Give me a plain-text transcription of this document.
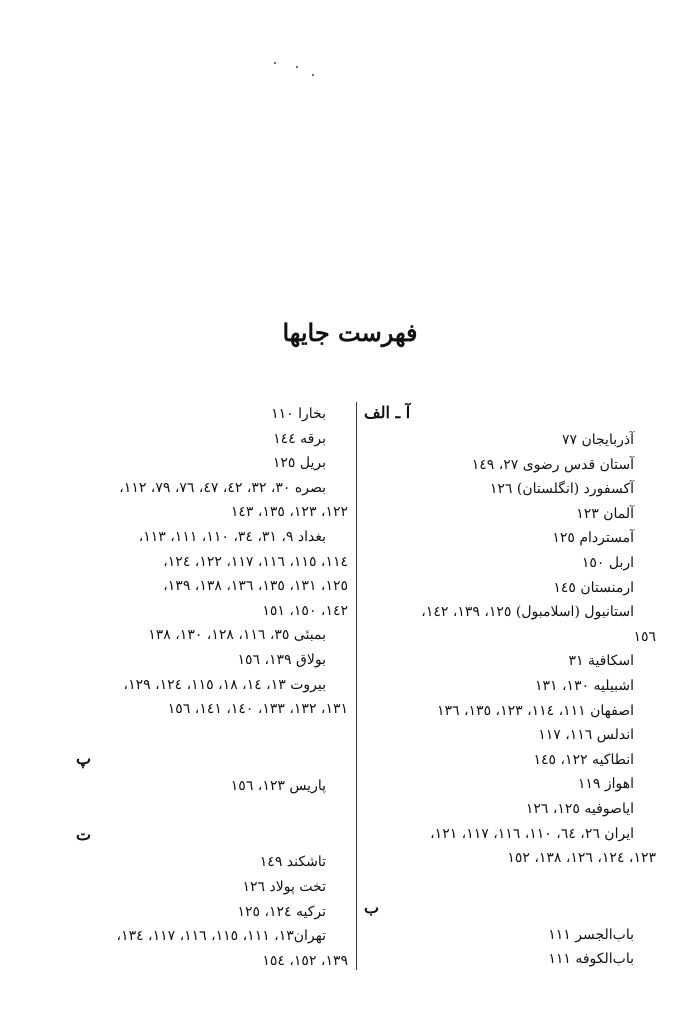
فهرست جایها
آ ـ الف
آذربایجان ۷۷
آستان قدس رضوی ۲۷، ۱٤۹
آکسفورد (انگلستان) ۱۲٦
آلمان ۱۲۳
آمستردام ۱۲٥
اربل ۱٥۰
ارمنستان ۱٤٥
استانبول (اسلامبول) ۱۲٥، ۱۳۹، ۱٤۲،
۱٥٦
اسکافیة ۳۱
اشبیلیه ۱۳۰، ۱۳۱
اصفهان ۱۱۱، ۱۱٤، ۱۲۳، ۱۳٥، ۱۳٦
اندلس ۱۱٦، ۱۱۷
انطاکیه ۱۲۲، ۱٤٥
اهواز ۱۱۹
ایاصوفیه ۱۲٥، ۱۲٦
ایران ۲٦، ٦٤، ۱۱۰، ۱۱٦، ۱۱۷، ۱۲۱،
۱۲۳، ۱۲٤، ۱۲٦، ۱۳۸، ۱٥۲
ب
باب‌الجسر ۱۱۱
باب‌الکوفه ۱۱۱
بخارا ۱۱۰
برقه ۱٤٤
بریل ۱۲٥
بصره ۳۰، ۳۲، ٤۲، ٤۷، ۷٦، ۷۹، ۱۱۲،
۱۲۲، ۱۲۳، ۱۳٥، ۱٤۳
بغداد ۹، ۳۱، ۳٤، ۱۱۰، ۱۱۱، ۱۱۳،
۱۱٤، ۱۱٥، ۱۱٦، ۱۱۷، ۱۲۲، ۱۲٤،
۱۲٥، ۱۳۱، ۱۳٥، ۱۳٦، ۱۳۸، ۱۳۹،
۱٤۲، ۱٥۰، ۱٥۱
بمبئی ۳٥، ۱۱٦، ۱۲۸، ۱۳۰، ۱۳۸
بولاق ۱۳۹، ۱٥٦
بیروت ۱۳، ۱٤، ۱۸، ۱۱٥، ۱۲٤، ۱۲۹،
۱۳۱، ۱۳۲، ۱۳۳، ۱٤۰، ۱٤۱، ۱٥٦
پ
پاریس ۱۲۳، ۱٥٦
ت
تاشکند ۱٤۹
تخت پولاد ۱۲٦
ترکیه ۱۲٤، ۱۲٥
تهران۱۳، ۱۱۱، ۱۱٥، ۱۱٦، ۱۱۷، ۱۳٤،
۱۳۹، ۱٥۲، ۱٥٤
